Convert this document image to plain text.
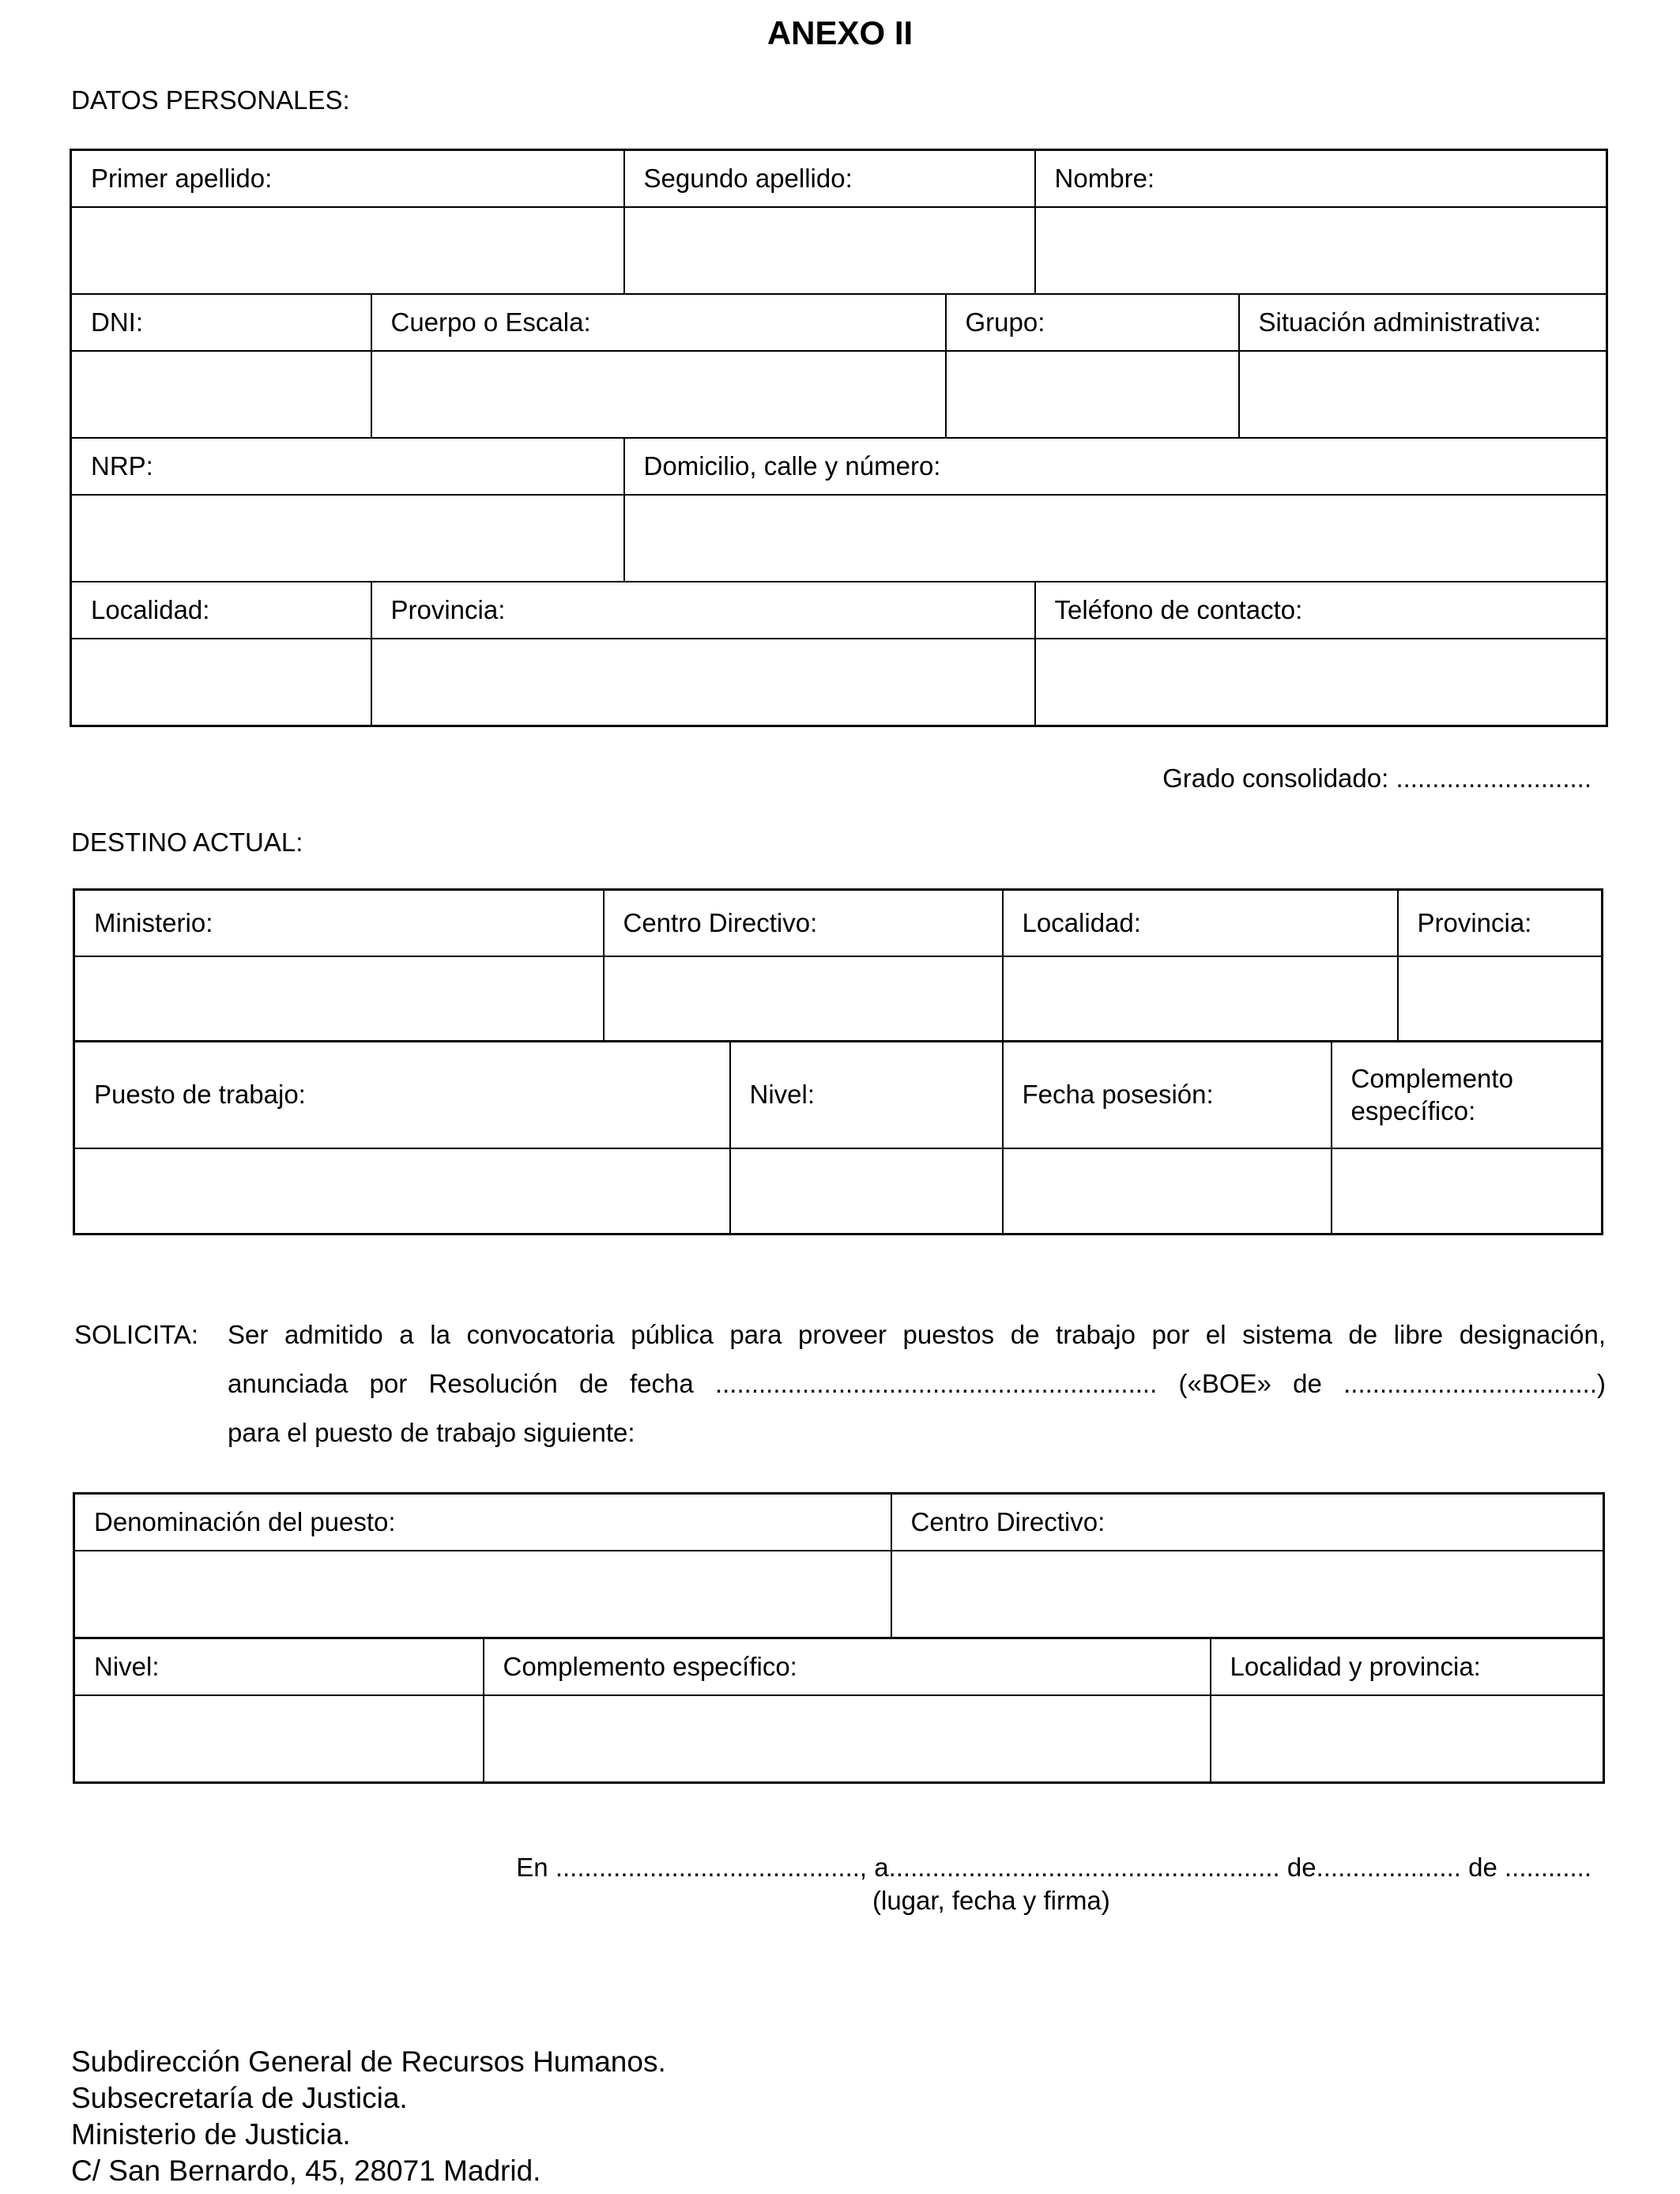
ANEXO II
DATOS PERSONALES:
Primer apellido:		Segundo apellido:		Nombre:	

DNI:	Cuerpo o Escala:		Grupo:		Situación administrativa:

NRP:		Domicilio, calle y número:			

Localidad:	Provincia:			Teléfono de contacto:	

Grado consolidado: ...........................
DESTINO ACTUAL:
Ministerio:	Centro Directivo:	Localidad:	Provincia:

Puesto de trabajo:	Nivel:	Fecha posesión:	Complemento específico:

SOLICITA: Ser admitido a la convocatoria pública para proveer puestos de trabajo por el sistema de libre designación,
anunciada por Resolución de fecha ............................................................. («BOE» de ...................................)
para el puesto de trabajo siguiente:
Denominación del puesto:	Centro Directivo:

Nivel:	Complemento específico:	Localidad y provincia:

En .........................................., a...................................................... de.................... de ............
(lugar, fecha y firma)
Subdirección General de Recursos Humanos.
Subsecretaría de Justicia.
Ministerio de Justicia.
C/ San Bernardo, 45, 28071 Madrid.
